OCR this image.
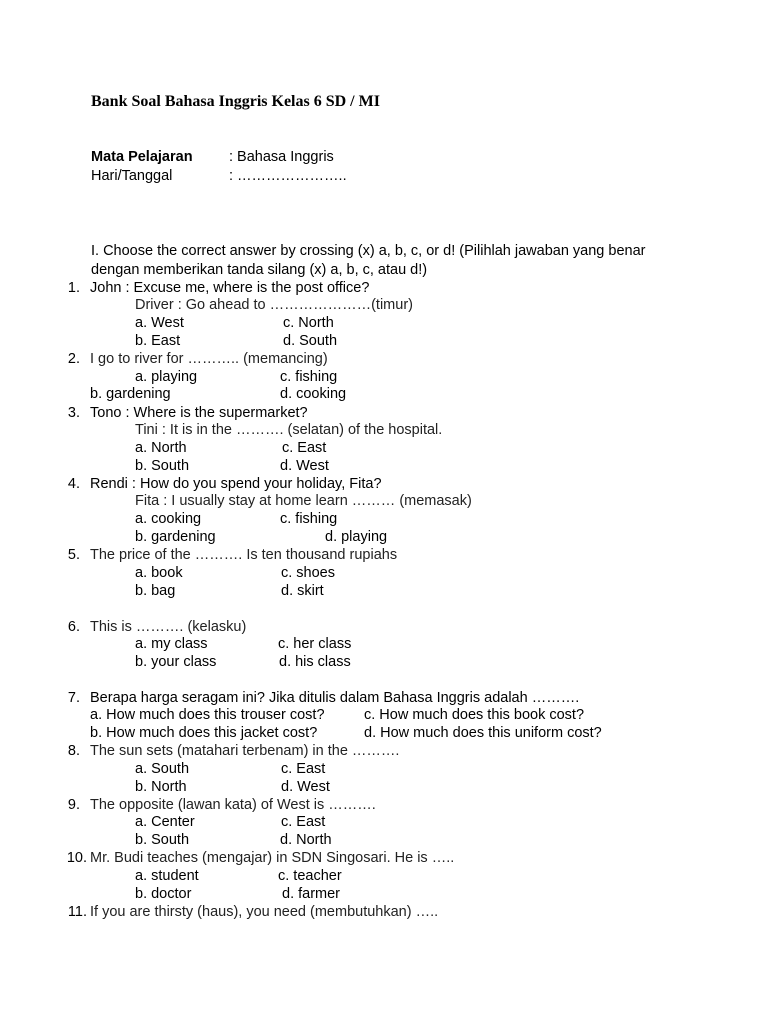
Bank Soal Bahasa Inggris Kelas 6 SD / MI
Mata Pelajaran	: Bahasa Inggris
Hari/Tanggal	: …………………..
I. Choose the correct answer by crossing (x) a, b, c, or d! (Pilihlah jawaban yang benar
dengan memberikan tanda silang (x) a, b, c, atau d!)
1. John : Excuse me, where is the post office?
Driver : Go ahead to …………………(timur)
a. West	c. North
b. East	d. South
2. I go to river for ……….. (memancing)
a. playing	c. fishing
b. gardening	d. cooking
3. Tono : Where is the supermarket?
Tini : It is in the ………. (selatan) of the hospital.
a. North	c. East
b. South	d. West
4. Rendi : How do you spend your holiday, Fita?
Fita : I usually stay at home learn ……… (memasak)
a. cooking	c. fishing
b. gardening	d. playing
5. The price of the ………. Is ten thousand rupiahs
a. book	c. shoes
b. bag	d. skirt
6. This is ………. (kelasku)
a. my class	c. her class
b. your class	d. his class
7. Berapa harga seragam ini? Jika ditulis dalam Bahasa Inggris adalah ……….
a. How much does this trouser cost?	c. How much does this book cost?
b. How much does this jacket cost?	d. How much does this uniform cost?
8. The sun sets (matahari terbenam) in the ……….
a. South	c. East
b. North	d. West
9. The opposite (lawan kata) of West is ……….
a. Center	c. East
b. South	d. North
10. Mr. Budi teaches (mengajar) in SDN Singosari. He is …..
a. student	c. teacher
b. doctor	d. farmer
11. If you are thirsty (haus), you need (membutuhkan) …..
